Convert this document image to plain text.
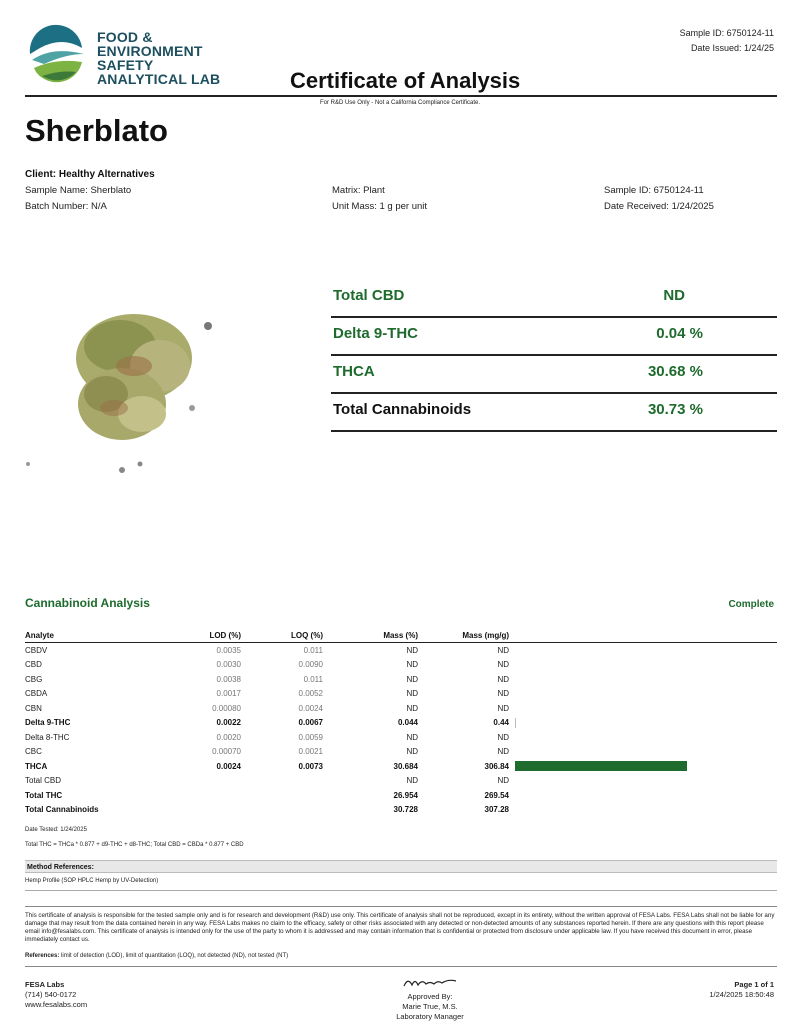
FOOD &
ENVIRONMENT
SAFETY
ANALYTICAL LAB
Sample ID: 6750124-11
Date Issued: 1/24/25
Certificate of Analysis
For R&D Use Only - Not a California Compliance Certificate.
Sherblato
Client: Healthy Alternatives
Sample Name: Sherblato
Batch Number: N/A
Matrix: Plant
Unit Mass: 1 g per unit
Sample ID: 6750124-11
Date Received: 1/24/2025
Total CBD	ND
Delta 9-THC	0.04 %
THCA	30.68 %
Total Cannabinoids	30.73 %
Cannabinoid Analysis	Complete
Analyte	LOD (%)	LOQ (%)	Mass (%)	Mass (mg/g)	
CBDV	0.0035	0.011	ND	ND	
CBD	0.0030	0.0090	ND	ND	
CBG	0.0038	0.011	ND	ND	
CBDA	0.0017	0.0052	ND	ND	
CBN	0.00080	0.0024	ND	ND	
Delta 9-THC	0.0022	0.0067	0.044	0.44	
Delta 8-THC	0.0020	0.0059	ND	ND	
CBC	0.00070	0.0021	ND	ND	
THCA	0.0024	0.0073	30.684	306.84	
Total CBD			ND	ND	
Total THC			26.954	269.54	
Total Cannabinoids			30.728	307.28	
Date Tested: 1/24/2025
Total THC = THCa * 0.877 + d9-THC + d8-THC; Total CBD = CBDa * 0.877 + CBD
Method References:
Hemp Profile (SOP HPLC Hemp by UV-Detection)
This certificate of analysis is responsible for the tested sample only and is for research and development (R&D) use only. This certificate of analysis shall not be reproduced, except in its entirety, without the written approval of FESA Labs. FESA Labs shall not be liable for any damage that may result from the data contained herein in any way. FESA Labs makes no claim to the efficacy, safety or other risks associated with any detected or non-detected amounts of any substances reported herein. If there are any questions with this report please email info@fesalabs.com. This certificate of analysis is intended only for the use of the party to whom it is addressed and may contain information that is confidential or protected from disclosure under applicable law. If you have received this document in error, please immediately contact us.
References: limit of detection (LOD), limit of quantitation (LOQ), not detected (ND), not tested (NT)
FESA Labs
(714) 540-0172
www.fesalabs.com
Approved By:
Marie True, M.S.
Laboratory Manager
Page 1 of 1
1/24/2025 18:50:48
